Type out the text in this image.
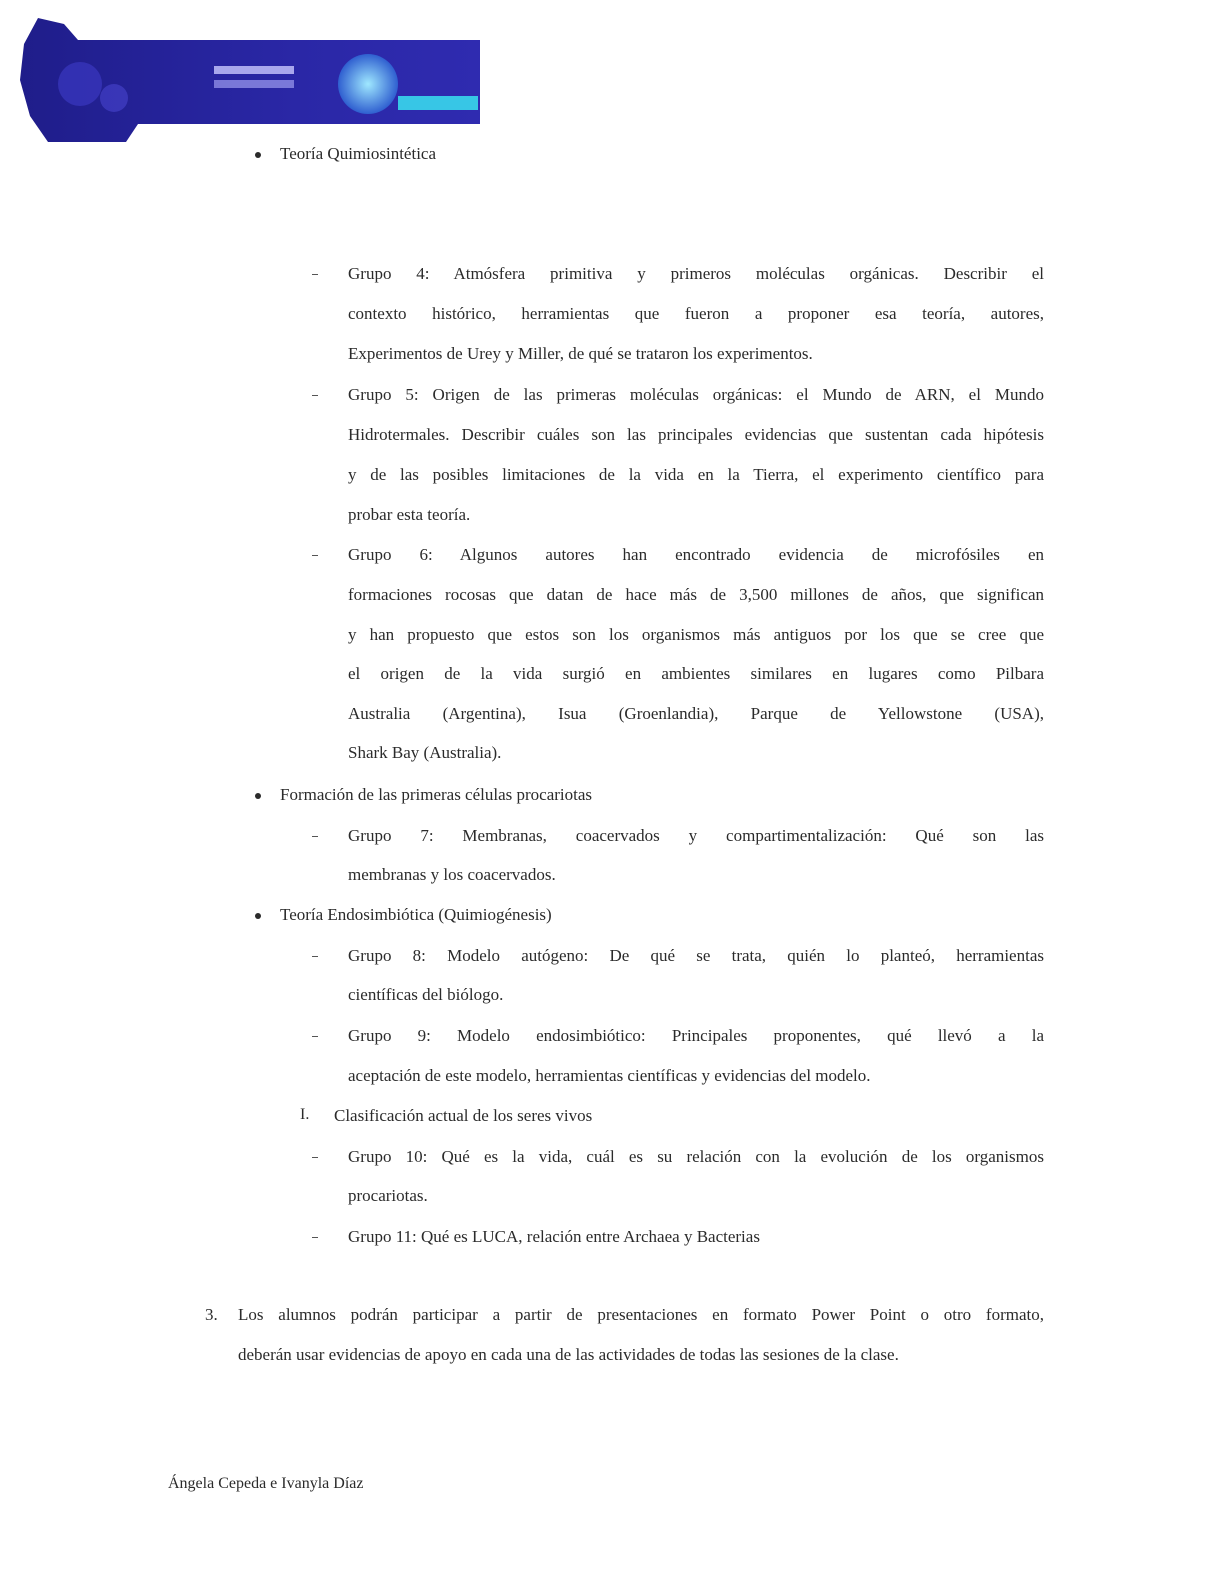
Teoría Quimiosintética
Grupo 4: Atmósfera primitiva y primeros moléculas orgánicas. Describir el
contexto histórico, herramientas que fueron a proponer esa teoría, autores,
Experimentos de Urey y Miller, de qué se trataron los experimentos.
Grupo 5: Origen de las primeras moléculas orgánicas: el Mundo de ARN, el Mundo
Hidrotermales. Describir cuáles son las principales evidencias que sustentan cada hipótesis
y de las posibles limitaciones de la vida en la Tierra, el experimento científico para
probar esta teoría.
Grupo 6: Algunos autores han encontrado evidencia de microfósiles en
formaciones rocosas que datan de hace más de 3,500 millones de años, que significan
y han propuesto que estos son los organismos más antiguos por los que se cree que
el origen de la vida surgió en ambientes similares en lugares como Pilbara
Australia (Argentina), Isua (Groenlandia), Parque de Yellowstone (USA),
Shark Bay (Australia).
Formación de las primeras células procariotas
Grupo 7: Membranas, coacervados y compartimentalización: Qué son las
membranas y los coacervados.
Teoría Endosimbiótica (Quimiogénesis)
Grupo 8: Modelo autógeno: De qué se trata, quién lo planteó, herramientas
científicas del biólogo.
Grupo 9: Modelo endosimbiótico: Principales proponentes, qué llevó a la
aceptación de este modelo, herramientas científicas y evidencias del modelo.
I. Clasificación actual de los seres vivos
Grupo 10: Qué es la vida, cuál es su relación con la evolución de los organismos
procariotas.
Grupo 11: Qué es LUCA, relación entre Archaea y Bacterias
3. Los alumnos podrán participar a partir de presentaciones en formato Power Point o otro formato,
deberán usar evidencias de apoyo en cada una de las actividades de todas las sesiones de la clase.
Ángela Cepeda e Ivanyla Díaz
